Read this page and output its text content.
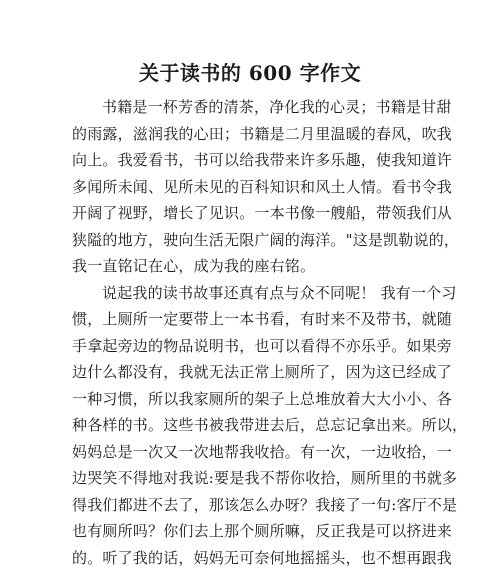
关于读书的 600 字作文
书籍是一杯芳香的清茶，净化我的心灵；书籍是甘甜
的雨露，滋润我的心田；书籍是二月里温暖的春风，吹我
向上。我爱看书，书可以给我带来许多乐趣，使我知道许
多闻所未闻、见所未见的百科知识和风土人情。看书令我
开阔了视野，增长了见识。一本书像一艘船，带领我们从
狭隘的地方，驶向生活无限广阔的海洋。"这是凯勒说的，
我一直铭记在心，成为我的座右铭。
说起我的读书故事还真有点与众不同呢！ 我有一个习
惯，上厕所一定要带上一本书看，有时来不及带书，就随
手拿起旁边的物品说明书，也可以看得不亦乐乎。如果旁
边什么都没有，我就无法正常上厕所了，因为这已经成了
一种习惯，所以我家厕所的架子上总堆放着大大小小、各
种各样的书。这些书被我带进去后，总忘记拿出来。所以，
妈妈总是一次又一次地帮我收拾。有一次，一边收拾，一
边哭笑不得地对我说:要是我不帮你收拾，厕所里的书就多
得我们都进不去了，那该怎么办呀？我接了一句:客厅不是
也有厕所吗？你们去上那个厕所嘛，反正我是可以挤进来
的。听了我的话，妈妈无可奈何地摇摇头，也不想再跟我
